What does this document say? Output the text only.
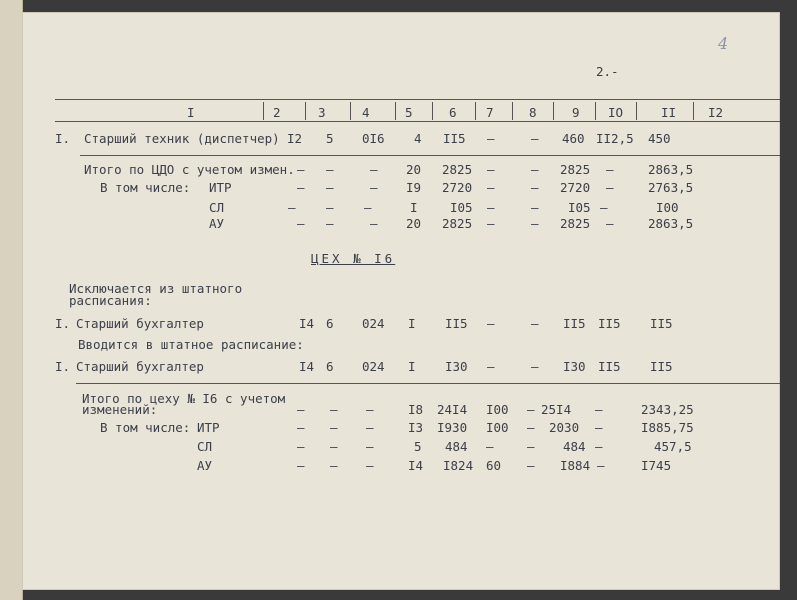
4
2.-
I	2	3	4	5	6 7	8	9 IO	II	I2
I. Старший техник (диспетчер) I2 5 0I6 4 II5 –	– 460 II2,5 450
Итого по ЦДО с учетом измен. – –	– 20 2825 –	– 2825 –	2863,5
В том числе: ИТР	– –	– I9 2720 –	– 2720 –	2763,5
СЛ	– – –	I	I05 –	– I05 –	I00
АУ	– –	– 20 2825 –	– 2825 –	2863,5
ЦЕХ № I6
Исключается из штатного
расписания:
I. Старший бухгалтер	I4 6 024 I II5 –	– II5 II5 II5
Вводится в штатное расписание:
I. Старший бухгалтер	I4 6 024 I I30 –	– I30 II5 II5
Итого по цеху № I6 с учетом
изменений:	– – –	I8 24I4 I00 – 25I4 –	2343,25
В том числе: ИТР	– – –	I3 I930 I00 – 2030 –	I885,75
СЛ	– – –	5 484 –	– 484 –	457,5
АУ	– – –	I4 I824 60 – I884 –	I745
